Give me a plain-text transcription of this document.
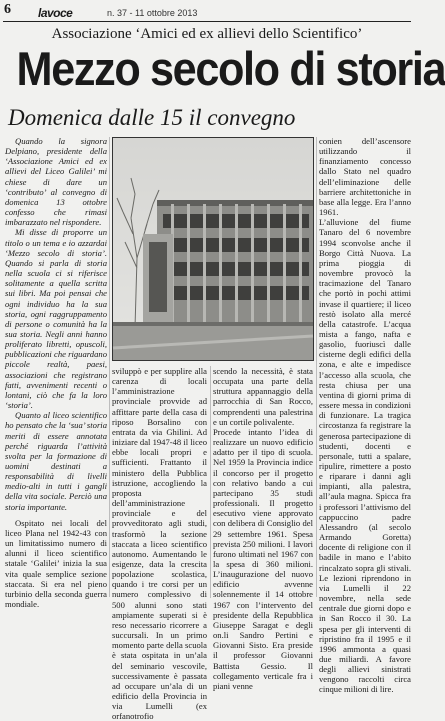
6 lavoce	n. 37 - 11 ottobre 2013
Associazione ‘Amici ed ex allievi dello Scientifico’
Mezzo secolo di storia
Domenica dalle 15 il convegno

Quando la signora Delpiano, presidente della ‘Associazione Amici ed ex allievi del Liceo Galilei’ mi chiese di dare un ‘contributo’ al convegno di domenica 13 ottobre confesso che rimasi imbarazzato nel rispondere.

Mi disse di proporre un titolo o un tema e io azzardai ‘Mezzo secolo di storia’. Quando si parla di storia nella scuola ci si riferisce solitamente a quella scritta sui libri. Ma poi pensai che ogni individuo ha la sua storia, ogni raggruppamento di persone o comunità ha la sua storia. Negli anni hanno proliferato libretti, opuscoli, pubblicazioni che riguardano piccole realtà, paesi, associazioni che registrano fatti, avvenimenti recenti o lontani, ciò che fa la loro ‘storia’.

Quanto al liceo scientifico ho pensato che la ‘sua’ storia meriti di essere annotata perché riguarda l’attività svolta per la formazione di uomini destinati a responsabilità di livelli medio-alti in tutti i gangli della vita sociale. Perciò una storia importante.

Ospitato nei locali del liceo Plana nel 1942-43 con un limitatissimo numero di alunni il liceo scientifico statale ‘Galilei’ inizia la sua vita quale semplice sezione staccata. Si era nel pieno turbinio della seconda guerra mondiale.

sviluppò e per supplire alla carenza di locali l’amministrazione provinciale provvide ad affittare parte della casa di riposo Borsalino con entrata da via Ghilini. Ad iniziare dal 1947-48 il liceo ebbe locali propri e sufficienti. Frattanto il ministero della Pubblica istruzione, accogliendo la proposta dell’amministrazione provinciale e del provveditorato agli studi, trasformò la sezione staccata a liceo scientifico autonomo. Aumentando le esigenze, data la crescita popolazione scolastica, quando i tre corsi per un numero complessivo di 500 alunni sono stati ampiamente superati si è reso necessario ricorrere a succursali. In un primo momento parte della scuola è stata ospitata in un’ala del seminario vescovile, successivamente è passata ad occupare un’ala di un edificio della Provincia in via Lumelli (ex orfanotrofio

scendo la necessità, è stata occupata una parte della struttura appannaggio della parrocchia di San Rocco, comprendenti una palestrina e un cortile polivalente.
Procede intanto l’idea di realizzare un nuovo edificio adatto per il tipo di scuola. Nel 1959 la Provincia indice il concorso per il progetto con relativo bando a cui partecipano 35 studi professionali. Il progetto esecutivo viene approvato con delibera di Consiglio del 29 settembre 1961. Spesa prevista 250 milioni. I lavori furono ultimati nel 1967 con la spesa di 360 milioni. L’inaugurazione del nuovo edificio avvenne solennemente il 14 ottobre 1967 con l’intervento del presidente della Repubblica Giuseppe Saragat e degli on.li Sandro Pertini e Giovanni Sisto. Era preside il professor Giovanni Battista Gessio. Il collegamento verticale fra i piani venne

conien dell’ascensore utilizzando il finanziamento concesso dallo Stato nel quadro dell’eliminazione delle barriere architettoniche in base alla legge. Era l’anno 1961.
L’alluvione del fiume Tanaro del 6 novembre 1994 sconvolse anche il Borgo Città Nuova. La prima pioggia di novembre provocò la tracimazione del Tanaro che portò in pochi attimi invase il quartiere; il liceo restò isolato alla mercé della catastrofe. L’acqua mista a fango, nafta e gasolio, fuoriuscì dalle cisterne degli edifici della zona, e alte e impedisce l’accesso alla scuola, che resta chiusa per una ventina di giorni prima di essere messa in condizioni di funzionare. La tragica circostanza fa registrare la generosa partecipazione di studenti, docenti e personale, tutti a spalare, ripulire, rimettere a posto e riparare i danni agli impianti, alla palestra, all’aula magna. Spicca fra i professori l’attivismo del cappuccino padre Alessandro (al secolo Armando Goretta) docente di religione con il badile in mano e l’abito rincalzato sopra gli stivali. Le lezioni riprendono in via Lumelli il 22 novembre, nella sede centrale due giorni dopo e in San Rocco il 30. La spesa per gli interventi di ripristino fra il 1995 e il 1996 ammonta a quasi due miliardi. A favore degli allievi sinistrati vengono raccolti circa cinque milioni di lire.
